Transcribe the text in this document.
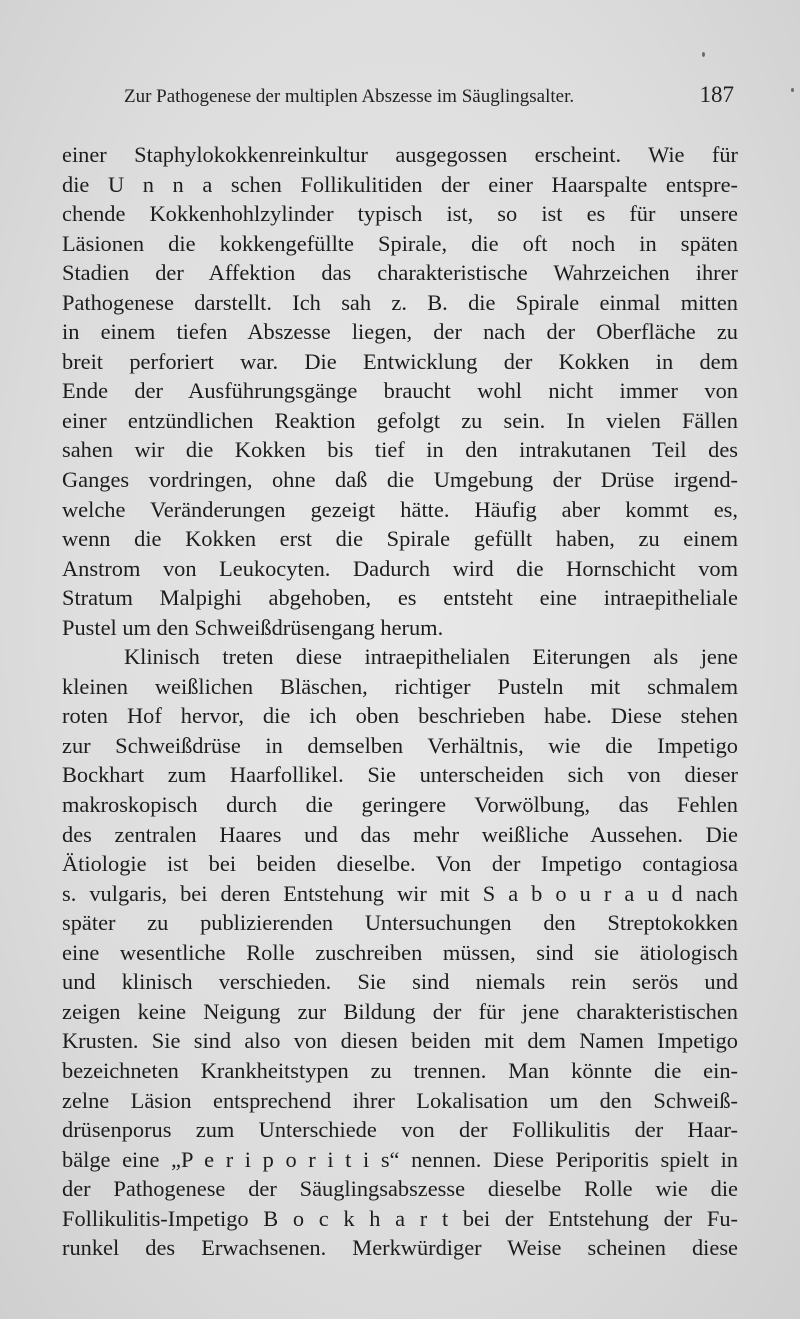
Zur Pathogenese der multiplen Abszesse im Säuglingsalter.	187
einer Staphylokokkenreinkultur ausgegossen erscheint. Wie für
die U n n a schen Follikulitiden der einer Haarspalte entspre-
chende Kokkenhohlzylinder typisch ist, so ist es für unsere
Läsionen die kokkengefüllte Spirale, die oft noch in späten
Stadien der Affektion das charakteristische Wahrzeichen ihrer
Pathogenese darstellt. Ich sah z. B. die Spirale einmal mitten
in einem tiefen Abszesse liegen, der nach der Oberfläche zu
breit perforiert war. Die Entwicklung der Kokken in dem
Ende der Ausführungsgänge braucht wohl nicht immer von
einer entzündlichen Reaktion gefolgt zu sein. In vielen Fällen
sahen wir die Kokken bis tief in den intrakutanen Teil des
Ganges vordringen, ohne daß die Umgebung der Drüse irgend-
welche Veränderungen gezeigt hätte. Häufig aber kommt es,
wenn die Kokken erst die Spirale gefüllt haben, zu einem
Anstrom von Leukocyten. Dadurch wird die Hornschicht vom
Stratum Malpighi abgehoben, es entsteht eine intraepitheliale
Pustel um den Schweißdrüsengang herum.
Klinisch treten diese intraepithelialen Eiterungen als jene
kleinen weißlichen Bläschen, richtiger Pusteln mit schmalem
roten Hof hervor, die ich oben beschrieben habe. Diese stehen
zur Schweißdrüse in demselben Verhältnis, wie die Impetigo
Bockhart zum Haarfollikel. Sie unterscheiden sich von dieser
makroskopisch durch die geringere Vorwölbung, das Fehlen
des zentralen Haares und das mehr weißliche Aussehen. Die
Ätiologie ist bei beiden dieselbe. Von der Impetigo contagiosa
s. vulgaris, bei deren Entstehung wir mit S a b o u r a u d nach
später zu publizierenden Untersuchungen den Streptokokken
eine wesentliche Rolle zuschreiben müssen, sind sie ätiologisch
und klinisch verschieden. Sie sind niemals rein serös und
zeigen keine Neigung zur Bildung der für jene charakteristischen
Krusten. Sie sind also von diesen beiden mit dem Namen Impetigo
bezeichneten Krankheitstypen zu trennen. Man könnte die ein-
zelne Läsion entsprechend ihrer Lokalisation um den Schweiß-
drüsenporus zum Unterschiede von der Follikulitis der Haar-
bälge eine „P e r i p o r i t i s“ nennen. Diese Periporitis spielt in
der Pathogenese der Säuglingsabszesse dieselbe Rolle wie die
Follikulitis-Impetigo B o c k h a r t bei der Entstehung der Fu-
runkel des Erwachsenen. Merkwürdiger Weise scheinen diese
